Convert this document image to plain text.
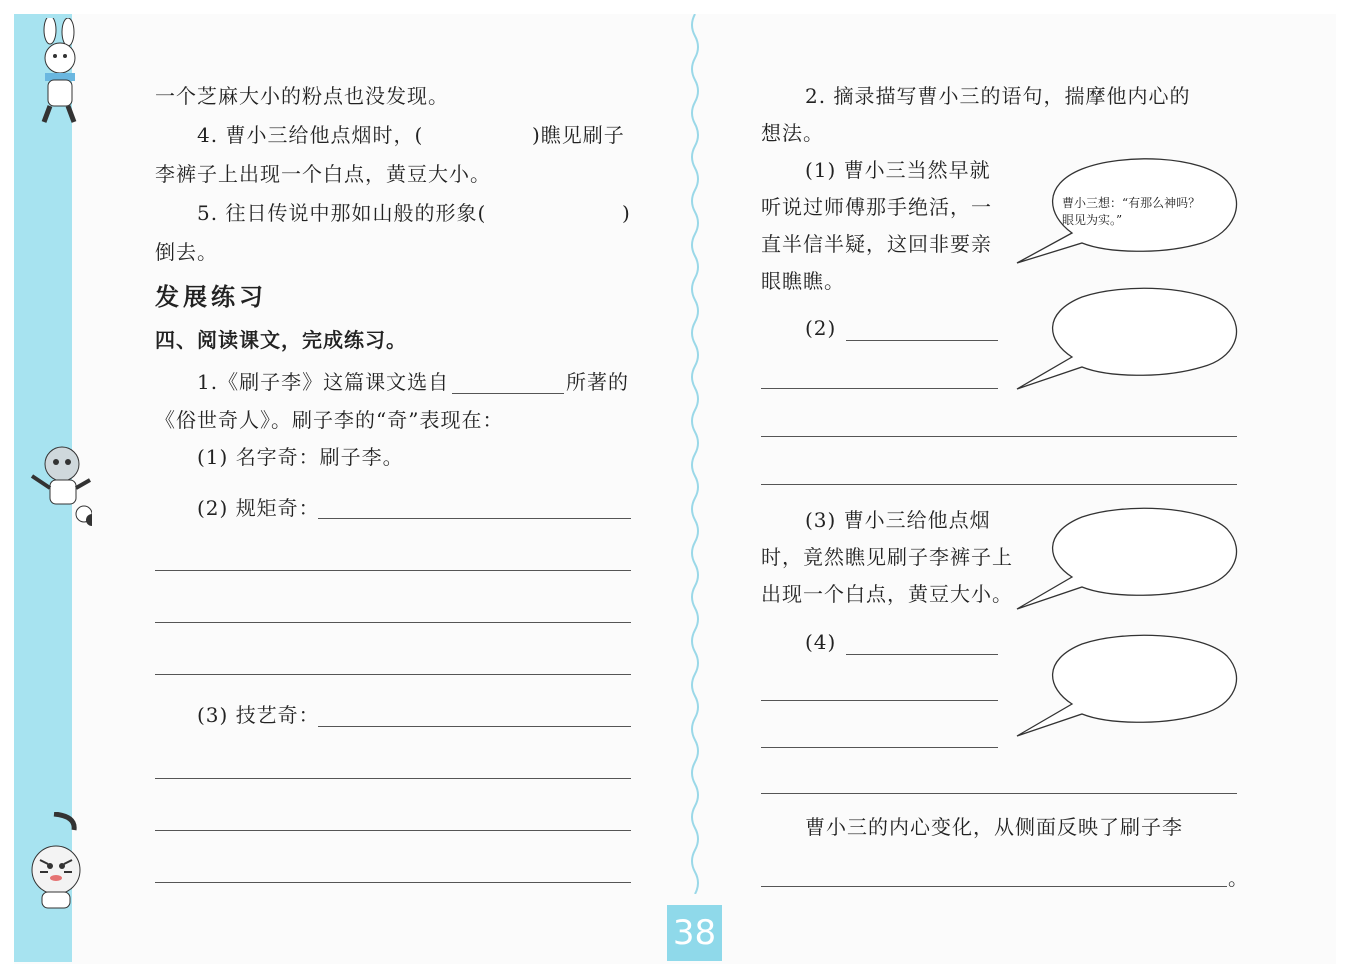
一个芝麻大小的粉点也没发现。
4. 曹小三给他点烟时，(	)瞧见刷子
李裤子上出现一个白点，黄豆大小。
5. 往日传说中那如山般的形象(	)
倒去。
发展练习
四、阅读课文，完成练习。
1.《刷子李》这篇课文选自	所著的
《俗世奇人》。刷子李的“奇”表现在：
(1) 名字奇：刷子李。
(2) 规矩奇：
(3) 技艺奇：
2. 摘录描写曹小三的语句，揣摩他内心的
想法。
(1) 曹小三当然早就
听说过师傅那手绝活，一
直半信半疑，这回非要亲
眼瞧瞧。
曹小三想：“有那么神吗？
眼见为实。”
(2)
(3) 曹小三给他点烟
时，竟然瞧见刷子李裤子上
出现一个白点，黄豆大小。
(4)
曹小三的内心变化，从侧面反映了刷子李
。
38
